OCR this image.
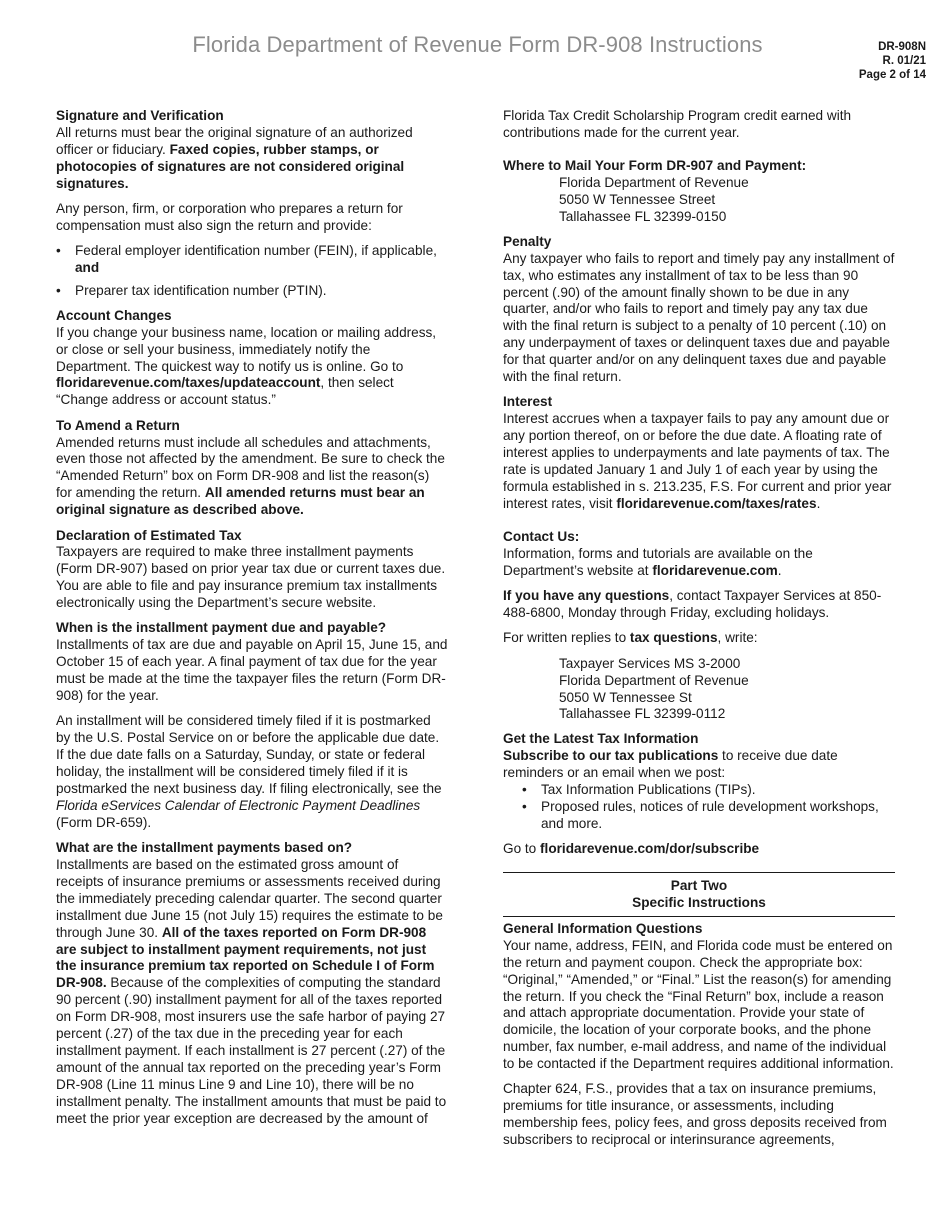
Florida Department of Revenue Form DR-908 Instructions	DR-908N
R. 01/21
Page 2 of 14

Signature and Verification
All returns must bear the original signature of an authorized officer or fiduciary. Faxed copies, rubber stamps, or photocopies of signatures are not considered original signatures.

Any person, firm, or corporation who prepares a return for compensation must also sign the return and provide:

• Federal employer identification number (FEIN), if applicable, and
• Preparer tax identification number (PTIN).

Account Changes
If you change your business name, location or mailing address, or close or sell your business, immediately notify the Department. The quickest way to notify us is online. Go to floridarevenue.com/taxes/updateaccount, then select “Change address or account status.”

To Amend a Return
Amended returns must include all schedules and attachments, even those not affected by the amendment. Be sure to check the “Amended Return” box on Form DR-908 and list the reason(s) for amending the return. All amended returns must bear an original signature as described above.

Declaration of Estimated Tax
Taxpayers are required to make three installment payments (Form DR-907) based on prior year tax due or current taxes due. You are able to file and pay insurance premium tax installments electronically using the Department’s secure website.

When is the installment payment due and payable?
Installments of tax are due and payable on April 15, June 15, and October 15 of each year. A final payment of tax due for the year must be made at the time the taxpayer files the return (Form DR-908) for the year.

An installment will be considered timely filed if it is postmarked by the U.S. Postal Service on or before the applicable due date. If the due date falls on a Saturday, Sunday, or state or federal holiday, the installment will be considered timely filed if it is postmarked the next business day. If filing electronically, see the Florida eServices Calendar of Electronic Payment Deadlines (Form DR-659).

What are the installment payments based on?
Installments are based on the estimated gross amount of receipts of insurance premiums or assessments received during the immediately preceding calendar quarter. The second quarter installment due June 15 (not July 15) requires the estimate to be through June 30. All of the taxes reported on Form DR-908 are subject to installment payment requirements, not just the insurance premium tax reported on Schedule I of Form DR-908. Because of the complexities of computing the standard 90 percent (.90) installment payment for all of the taxes reported on Form DR-908, most insurers use the safe harbor of paying 27 percent (.27) of the tax due in the preceding year for each installment payment. If each installment is 27 percent (.27) of the amount of the annual tax reported on the preceding year’s Form DR-908 (Line 11 minus Line 9 and Line 10), there will be no installment penalty. The installment amounts that must be paid to meet the prior year exception are decreased by the amount of

Florida Tax Credit Scholarship Program credit earned with contributions made for the current year.

Where to Mail Your Form DR-907 and Payment:
Florida Department of Revenue
5050 W Tennessee Street
Tallahassee FL 32399-0150

Penalty
Any taxpayer who fails to report and timely pay any installment of tax, who estimates any installment of tax to be less than 90 percent (.90) of the amount finally shown to be due in any quarter, and/or who fails to report and timely pay any tax due with the final return is subject to a penalty of 10 percent (.10) on any underpayment of taxes or delinquent taxes due and payable for that quarter and/or on any delinquent taxes due and payable with the final return.

Interest
Interest accrues when a taxpayer fails to pay any amount due or any portion thereof, on or before the due date. A floating rate of interest applies to underpayments and late payments of tax. The rate is updated January 1 and July 1 of each year by using the formula established in s. 213.235, F.S. For current and prior year interest rates, visit floridarevenue.com/taxes/rates.

Contact Us:
Information, forms and tutorials are available on the Department’s website at floridarevenue.com.

If you have any questions, contact Taxpayer Services at 850-488-6800, Monday through Friday, excluding holidays.

For written replies to tax questions, write:

Taxpayer Services MS 3-2000
Florida Department of Revenue
5050 W Tennessee St
Tallahassee FL 32399-0112

Get the Latest Tax Information
Subscribe to our tax publications to receive due date reminders or an email when we post:

• Tax Information Publications (TIPs).
• Proposed rules, notices of rule development workshops, and more.

Go to floridarevenue.com/dor/subscribe

Part Two
Specific Instructions

General Information Questions
Your name, address, FEIN, and Florida code must be entered on the return and payment coupon. Check the appropriate box: “Original,” “Amended,” or “Final.” List the reason(s) for amending the return. If you check the “Final Return” box, include a reason and attach appropriate documentation. Provide your state of domicile, the location of your corporate books, and the phone number, fax number, e-mail address, and name of the individual to be contacted if the Department requires additional information.

Chapter 624, F.S., provides that a tax on insurance premiums, premiums for title insurance, or assessments, including membership fees, policy fees, and gross deposits received from subscribers to reciprocal or interinsurance agreements,
